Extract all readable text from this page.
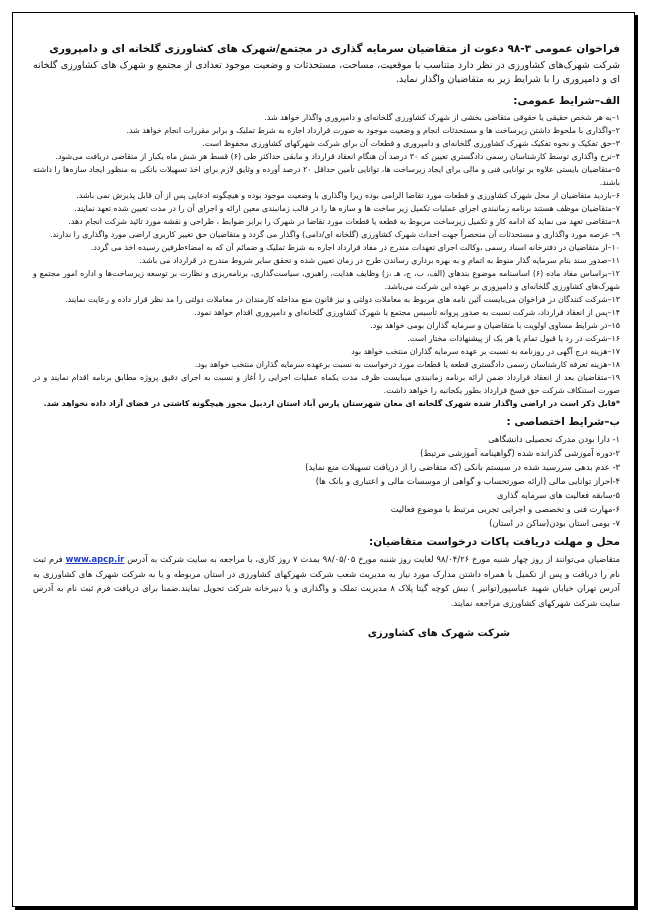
فراخوان عمومی ۳-۹۸ دعوت از متقاضیان سرمایه گذاری در مجتمع/شهرک های کشاورزی گلخانه ای و دامپروری

شرکت شهرک‌های کشاورزی در نظر دارد متناسب با موقعیت، مساحت، مستحدثات و وضعیت موجود تعدادی از مجتمع و شهرک های کشاورزی گلخانه ای و دامپروری را با شرایط زیر به متقاضیان واگذار نماید.

الف–شرایط عمومی:

۱–به هر شخص حقیقی یا حقوقی متقاضی بخشی از شهرک کشاورزی گلخانه‌ای و دامپروری واگذار خواهد شد.

۲–واگذاری با ملحوظ داشتن زیرساخت ها و مستحدثات انجام و وضعیت موجود به صورت قرارداد اجاره به شرط تملیک و برابر مقررات انجام خواهد شد.

۳–حق تفکیک و نحوه تفکیک شهرک کشاورزی گلخانه‌ای و دامپروری و قطعات آن برای شرکت شهرکهای کشاورزی محفوظ است.

۴–نرخ واگذاری توسط کارشناسان رسمی دادگستری تعیین که ۳۰ درصد آن هنگام انعقاد قرارداد و مابقی حداکثر طی (۶) قسط هر شش ماه یکبار از متقاضی دریافت می‌شود.

۵–متقاضیان بایستی علاوه بر توانایی فنی و مالی برای ایجاد زیرساخت ها، توانایی تأمین حداقل ۲۰ درصد آورده و وثایق لازم برای اخذ تسهیلات بانکی به منظور ایجاد سازه‌ها را داشته باشند.

۶–بازدید متقاضیان از محل شهرک کشاورزی و قطعات مورد تقاضا الزامی بوده زیرا واگذاری با وضعیت موجود بوده و هیچگونه ادعایی پس از آن قابل پذیرش نمی باشد.

۷–متقاضیان موظف هستند برنامه زمانبندی اجرای عملیات تکمیل زیر ساخت ها و سازه ها را در قالب زمانبندی معین ارائه و اجرای آن را در مدت تعیین شده تعهد نمایند.

۸–متقاضی تعهد می نماید که ادامه کار و تکمیل زیرساخت مربوط به قطعه یا قطعات مورد تقاضا در شهرک را برابر ضوابط ، طراحی و نقشه مورد تائید شرکت انجام دهد.

۹– عرصه مورد واگذاری و مستحدثات آن منحصراً جهت احداث شهرک کشاورزی (گلخانه ای/دامی) واگذار می گردد و متقاضیان حق تغییر کاربری اراضی مورد واگذاری را ندارند.

۱۰–از متقاضیان در دفترخانه اسناد رسمی ،وکالت اجرای تعهدات مندرج در مفاد قرارداد اجاره به شرط تملیک و ضمائم آن که به امضاءطرفین رسیده اخذ می گردد.

۱۱–صدور سند بنام سرمایه گذار منوط به اتمام و به بهره برداری رساندن طرح در زمان تعیین شده و تحقق سایر شروط مندرج در قرارداد می باشد.

۱۲–براساس مفاد ماده (۶) اساسنامه موضوع بندهای (الف، ب، ج، هـ ،ز) وظایف هدایت، راهبری، سیاست‌گذاری، برنامه‌ریزی و نظارت بر توسعه زیرساخت‌ها و اداره امور مجتمع و شهرک‌های کشاورزی گلخانه‌ای و دامپروری بر عهده این شرکت می‌باشد.

۱۳–شرکت کنندگان در فراخوان می‌بایست آئین نامه های مربوط به معاملات دولتی و نیز قانون منع مداخله کارمندان در معاملات دولتی را مد نظر قرار داده و رعایت نمایند.

۱۴–پس از انعقاد قرارداد، شرکت نسبت به صدور پروانه تأسیس مجتمع یا شهرک کشاورزی گلخانه‌ای و دامپروری اقدام خواهد نمود.

۱۵–در شرایط مساوی اولویت با متقاضیان و سرمایه گذاران بومی خواهد بود.

۱۶–شرکت در رد یا قبول تمام یا هر یک از پیشنهادات مختار است.

۱۷–هزینه درج آگهی در روزنامه به نسبت بر عهده سرمایه گذاران منتخب خواهد بود

۱۸–هزینه تعرفه کارشناسان رسمی دادگستری قطعه یا قطعات مورد درخواست به نسبت برعهده سرمایه گذاران منتخب خواهد بود.

۱۹–متقاضیان بعد از انعقاد قرارداد ضمن ارائه برنامه زمانبندی میبایست ظرف مدت یکماه عملیات اجرایی را آغاز و نسبت به اجرای دقیق پروژه مطابق برنامه اقدام نمایند و در صورت استنکاف شرکت حق فسخ قرارداد بطور یکجانبه را خواهد داشت.

*قابل ذکر است در اراضی واگذار شده شهرک گلخانه ای معان شهرستان پارس آباد استان اردبیل مجوز هیچگونه کاشتی در فضای آزاد داده نخواهد شد.

ب–شرایط اختصاصی :

۱- دارا بودن مدرک تحصیلی دانشگاهی

۲-دوره آموزشی گذرانده شده (گواهینامه آموزشی مرتبط)

۳- عدم بدهی سررسید شده در سیستم بانکی (که متقاضی را از دریافت تسهیلات منع نماید)

۴-احراز توانایی مالی (ارائه صورتحساب و گواهی از موسسات مالی و اعتباری و بانک ها)

۵-سابقه فعالیت های سرمایه گذاری

۶-مهارت فنی و تخصصی و اجرایی تجربی مرتبط با موضوع فعالیت

۷- بومی استان بودن(ساکن در استان)

محل و مهلت دریافت پاکات درخواست متقاضیان:

متقاضیان می‌توانند از روز چهار شنبه مورخ ۹۸/۰۴/۲۶ لغایت روز شنبه مورخ ۹۸/۰۵/۰۵ بمدت ۷ روز کاری، با مراجعه به سایت شرکت به آدرس www.apcp.ir فرم ثبت نام را دریافت و پس از تکمیل با همراه داشتن مدارک مورد نیاز به مدیریت شعب شرکت شهرکهای کشاورزی در استان مربوطه و یا به شرکت شهرک های کشاورزی به آدرس تهران خیابان شهید عباسپور(توانیر ) نبش کوچه گیتا پلاک ۸ مدیریت تملک و واگذاری و یا دبیرخانه شرکت تحویل نمایند.ضمنا برای دریافت فرم ثبت نام به آدرس سایت شرکت شهرکهای کشاورزی مراجعه نمایند.

شرکت شهرک های کشاورزی
